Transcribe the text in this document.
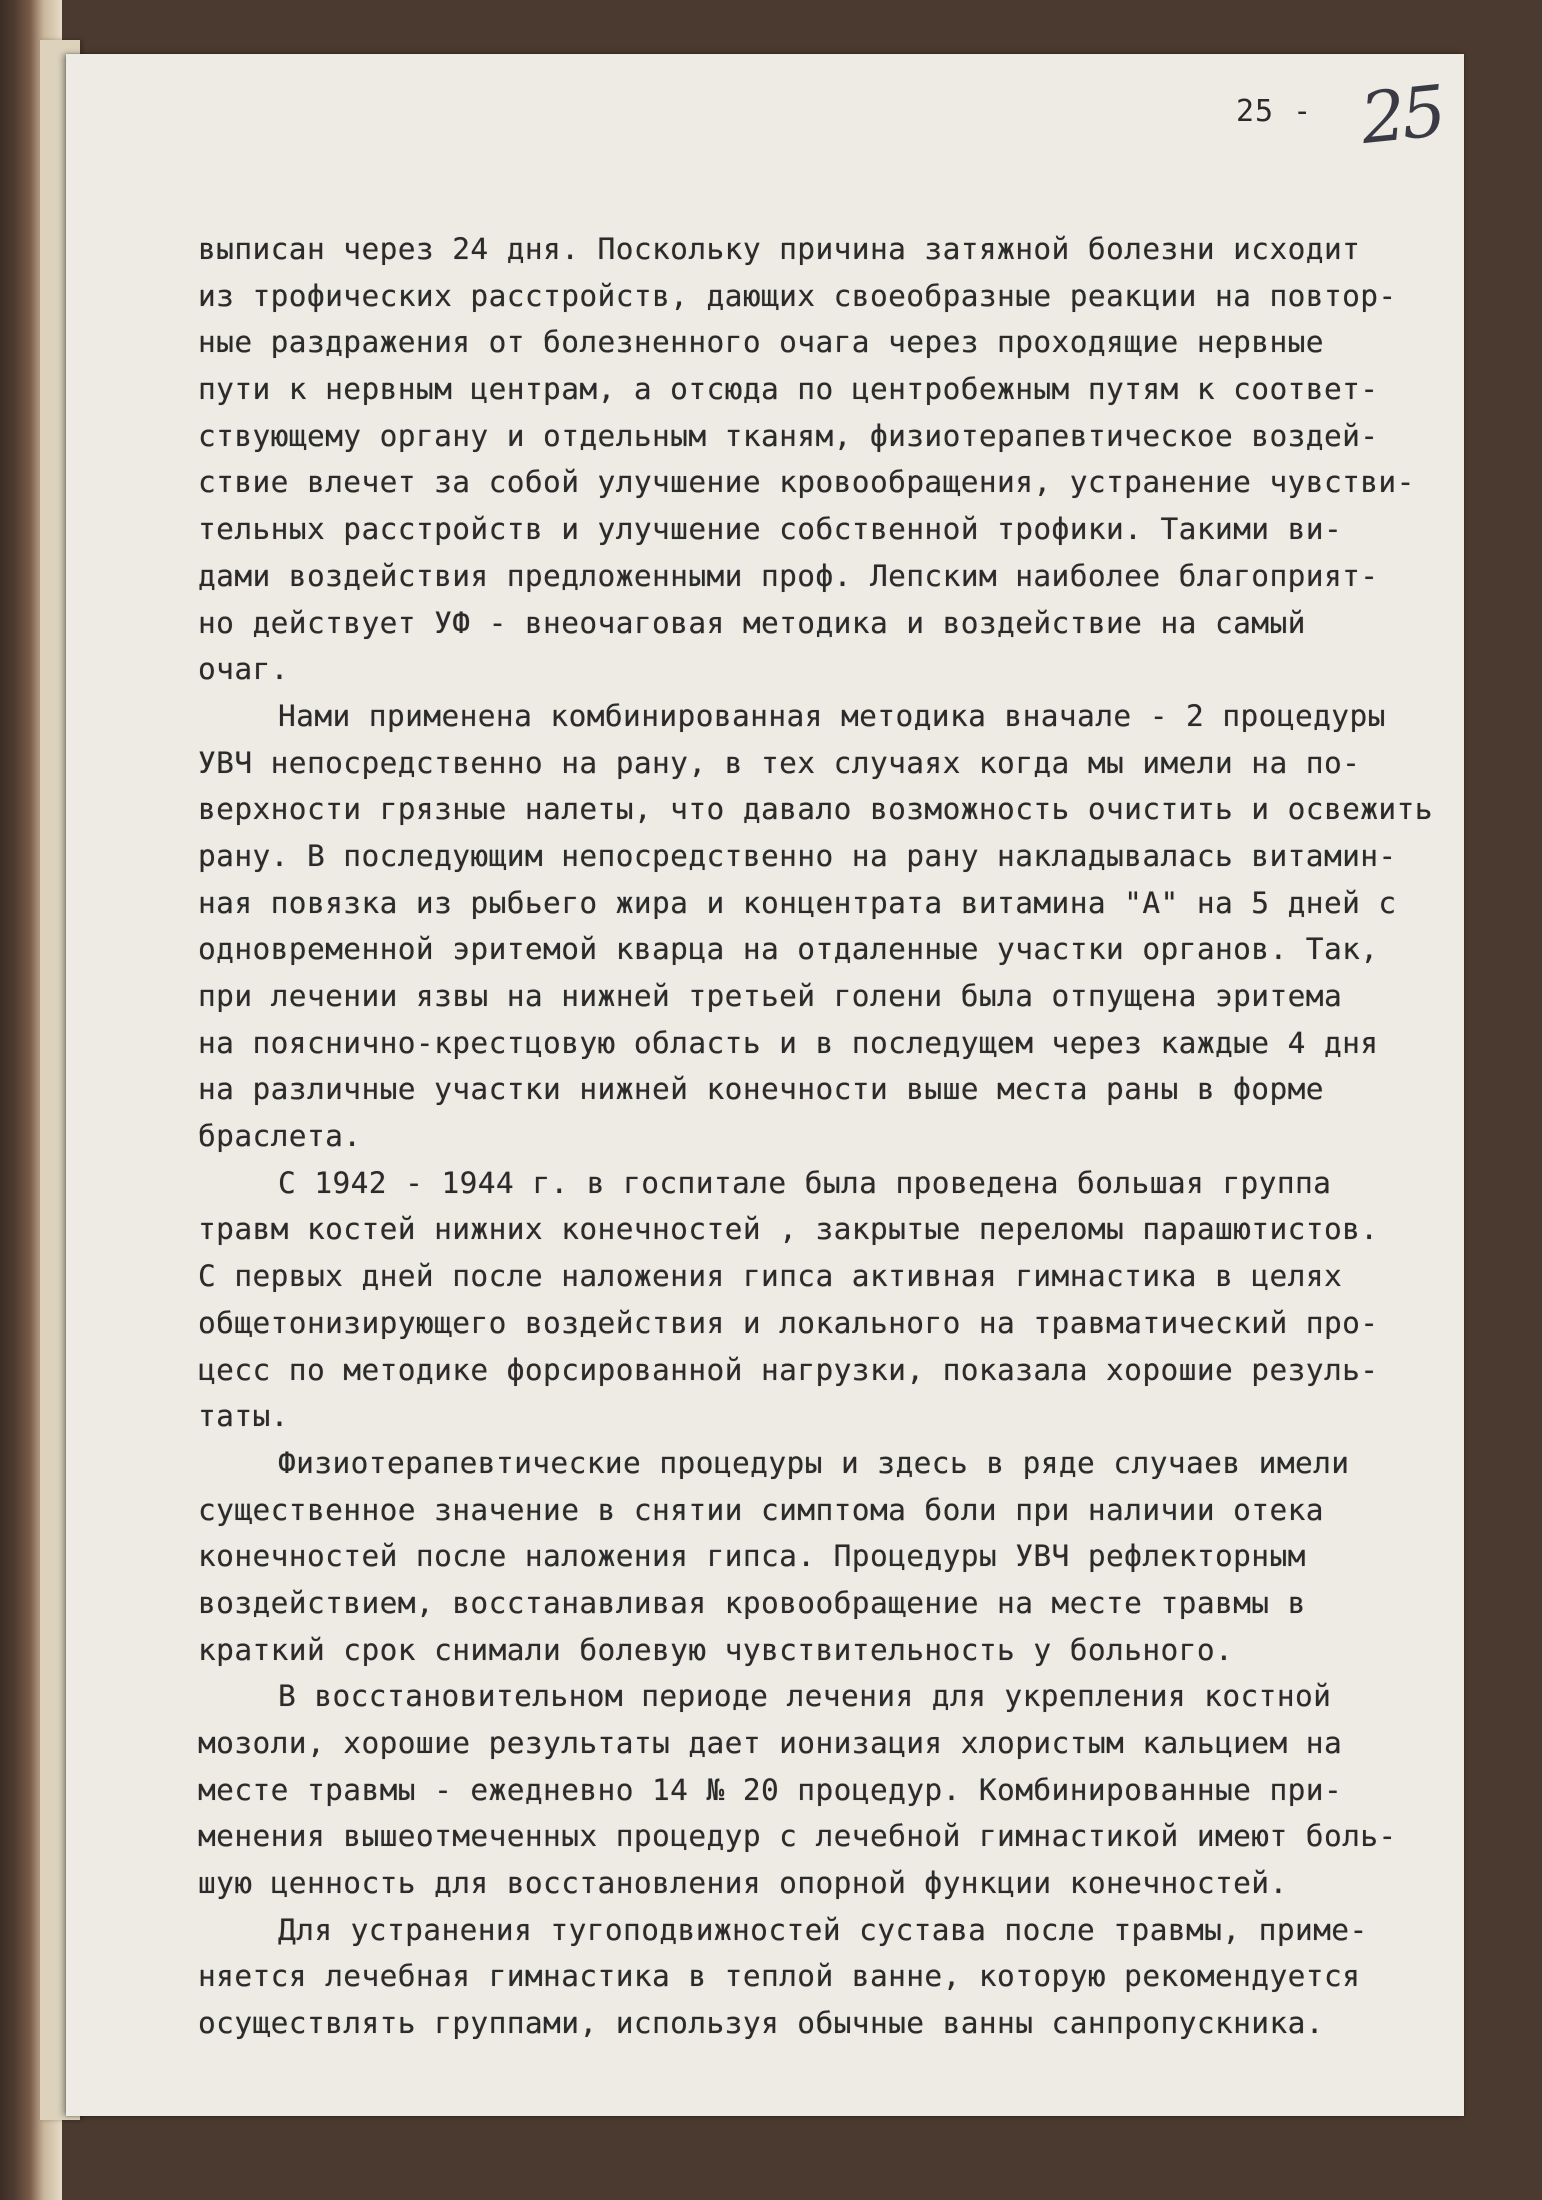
25 - 25
выписан через 24 дня. Поскольку причина затяжной болезни исходит
из трофических расстройств, дающих своеобразные реакции на повтор-
ные раздражения от болезненного очага через проходящие нервные
пути к нервным центрам, а отсюда по центробежным путям к соответ-
ствующему органу и отдельным тканям, физиотерапевтическое воздей-
ствие влечет за собой улучшение кровообращения, устранение чувстви-
тельных расстройств и улучшение собственной трофики. Такими ви-
дами воздействия предложенными проф. Лепским наиболее благоприят-
но действует УФ - внеочаговая методика и воздействие на самый
очаг.
Нами применена комбинированная методика вначале - 2 процедуры
УВЧ непосредственно на рану, в тех случаях когда мы имели на по-
верхности грязные налеты, что давало возможность очистить и освежить
рану. В последующим непосредственно на рану накладывалась витамин-
ная повязка из рыбьего жира и концентрата витамина "А" на 5 дней с
одновременной эритемой кварца на отдаленные участки органов. Так,
при лечении язвы на нижней третьей голени была отпущена эритема
на пояснично-крестцовую область и в последущем через каждые 4 дня
на различные участки нижней конечности выше места раны в форме
браслета.
С 1942 - 1944 г. в госпитале была проведена большая группа
травм костей нижних конечностей , закрытые переломы парашютистов.
С первых дней после наложения гипса активная гимнастика в целях
общетонизирующего воздействия и локального на травматический про-
цесс по методике форсированной нагрузки, показала хорошие резуль-
таты.
Физиотерапевтические процедуры и здесь в ряде случаев имели
существенное значение в снятии симптома боли при наличии отека
конечностей после наложения гипса. Процедуры УВЧ рефлекторным
воздействием, восстанавливая кровообращение на месте травмы в
краткий срок снимали болевую чувствительность у больного.
В восстановительном периоде лечения для укрепления костной
мозоли, хорошие результаты дает ионизация хлористым кальцием на
месте травмы - ежедневно 14 № 20 процедур. Комбинированные при-
менения вышеотмеченных процедур с лечебной гимнастикой имеют боль-
шую ценность для восстановления опорной функции конечностей.
Для устранения тугоподвижностей сустава после травмы, приме-
няется лечебная гимнастика в теплой ванне, которую рекомендуется
осуществлять группами, используя обычные ванны санпропускника.
